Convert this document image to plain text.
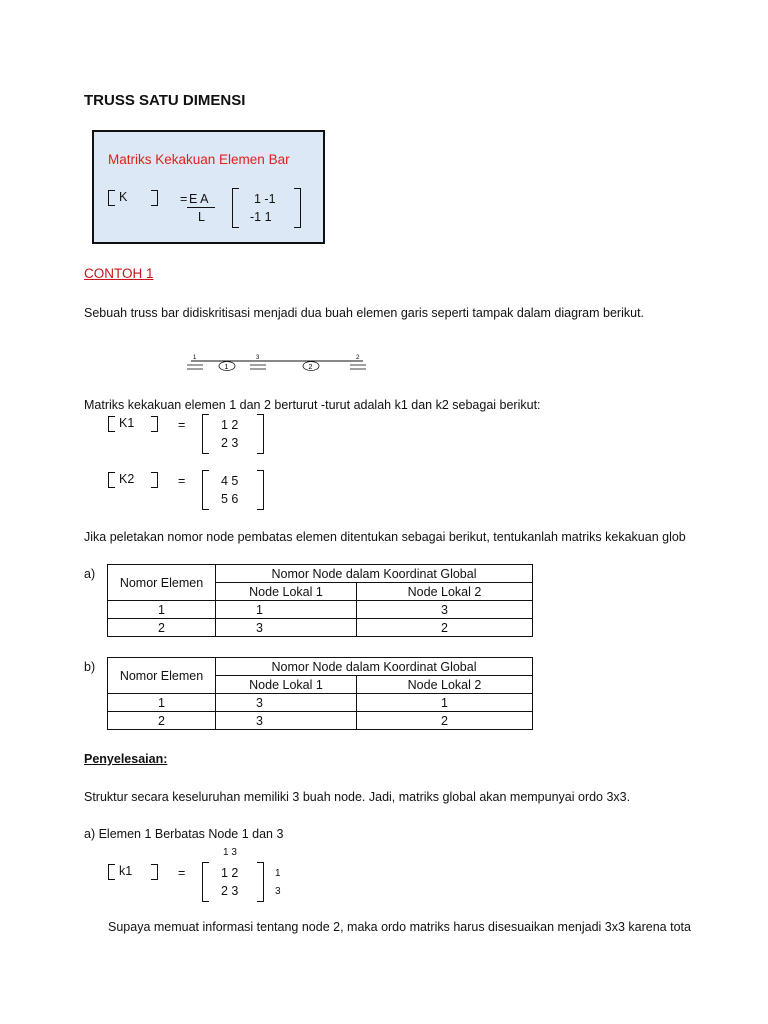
TRUSS SATU DIMENSI
Matriks Kekakuan Elemen Bar
K	= E A
L
1 -1
-1 1
CONTOH 1
Sebuah truss bar didiskritisasi menjadi dua buah elemen garis seperti tampak dalam diagram berikut.
1
1
3
2
2
Matriks kekakuan elemen 1 dan 2 berturut -turut adalah k1 dan k2 sebagai berikut:
K1	=	1 2
2 3
K2	=	4 5
5 6
Jika peletakan nomor node pembatas elemen ditentukan sebagai berikut, tentukanlah matriks kekakuan glob
a)
Nomor Elemen	Nomor Node dalam Koordinat Global	
	Node Lokal 1	Node Lokal 2
1	1	3
2	3	2
b)
Nomor Elemen	Nomor Node dalam Koordinat Global	
	Node Lokal 1	Node Lokal 2
1	3	1
2	3	2
Penyelesaian:
Struktur secara keseluruhan memiliki 3 buah node. Jadi, matriks global akan mempunyai ordo 3x3.
a) Elemen 1 Berbatas Node 1 dan 3
1 3
k1	=	1 2
2 3
1
3
Supaya memuat informasi tentang node 2, maka ordo matriks harus disesuaikan menjadi 3x3 karena tota
